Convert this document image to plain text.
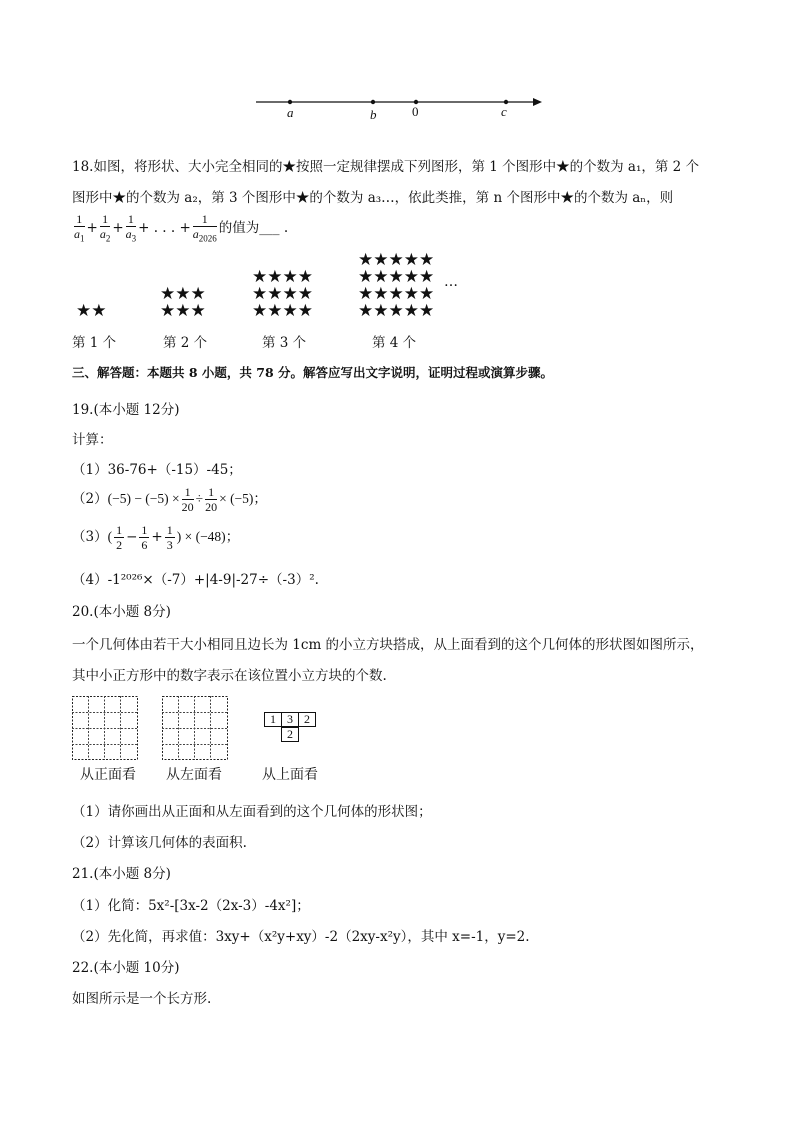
a	b	0	c
18.如图，将形状、大小完全相同的★按照一定规律摆成下列图形，第 1 个图形中★的个数为 a₁，第 2 个
图形中★的个数为 a₂，第 3 个图形中★的个数为 a₃…，依此类推，第 n 个图形中★的个数为 aₙ，则
$\frac{1}{a_1} + \frac{1}{a_2} + \frac{1}{a_3}$ + . . . + $\frac{1}{a_{2026}}$ 的值为___ .
★★
★★★
★★★
★★★★
★★★★
★★★★
★★★★★
★★★★★
★★★★★
★★★★★
…
第 1 个	第 2 个	第 3 个	第 4 个
三、解答题：本题共 8 小题，共 78 分。解答应写出文字说明，证明过程或演算步骤。
19.(本小题 12分)
计算：
（1）36-76+（-15）-45；
$(2)(-5) - (-5) \times \frac{1}{20} \div \frac{1}{20} \times (-5)$；
$(3)( \frac{1}{2} - \frac{1}{6} + \frac{1}{3}$ ) × (−48)；
（4）-1²⁰²⁶×（-7）+|4-9|-27÷（-3）².
20.(本小题 8分)
一个几何体由若干大小相同且边长为 1cm 的小立方块搭成，从上面看到的这个几何体的形状图如图所示，
其中小正方形中的数字表示在该位置小立方块的个数.
1 3 2
2
从正面看 从左面看	从上面看
（1）请你画出从正面和从左面看到的这个几何体的形状图；
（2）计算该几何体的表面积.
21.(本小题 8分)
（1）化简：5x²-[3x-2（2x-3）-4x²]；
（2）先化简，再求值：3xy+（x²y+xy）-2（2xy-x²y），其中 x=-1，y=2.
22.(本小题 10分)
如图所示是一个长方形.
